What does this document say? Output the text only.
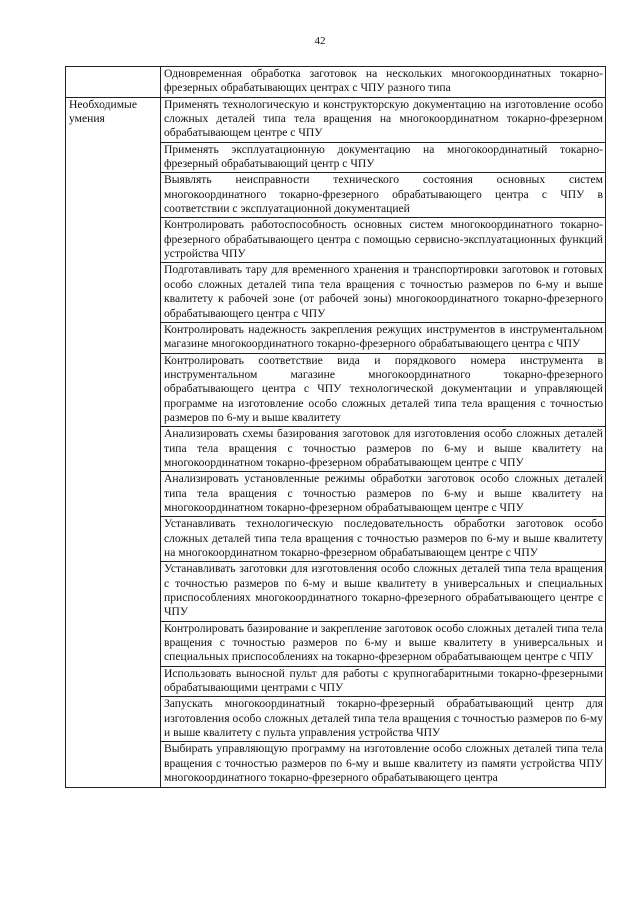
42
	Одновременная обработка заготовок на нескольких многокоординатных токарно-фрезерных обрабатывающих центрах с ЧПУ разного типа
Необходимые умения	Применять технологическую и конструкторскую документацию на изготовление особо сложных деталей типа тела вращения на многокоординатном токарно-фрезерном обрабатывающем центре с ЧПУ
	Применять эксплуатационную документацию на многокоординатный токарно-фрезерный обрабатывающий центр с ЧПУ
	Выявлять неисправности технического состояния основных систем многокоординатного токарно-фрезерного обрабатывающего центра с ЧПУ в соответствии с эксплуатационной документацией
	Контролировать работоспособность основных систем многокоординатного токарно-фрезерного обрабатывающего центра с помощью сервисно-эксплуатационных функций устройства ЧПУ
	Подготавливать тару для временного хранения и транспортировки заготовок и готовых особо сложных деталей типа тела вращения с точностью размеров по 6-му и выше квалитету к рабочей зоне (от рабочей зоны) многокоординатного токарно-фрезерного обрабатывающего центра с ЧПУ
	Контролировать надежность закрепления режущих инструментов в инструментальном магазине многокоординатного токарно-фрезерного обрабатывающего центра с ЧПУ
	Контролировать соответствие вида и порядкового номера инструмента в инструментальном магазине многокоординатного токарно-фрезерного обрабатывающего центра с ЧПУ технологической документации и управляющей программе на изготовление особо сложных деталей типа тела вращения с точностью размеров по 6-му и выше квалитету
	Анализировать схемы базирования заготовок для изготовления особо сложных деталей типа тела вращения с точностью размеров по 6-му и выше квалитету на многокоординатном токарно-фрезерном обрабатывающем центре с ЧПУ
	Анализировать установленные режимы обработки заготовок особо сложных деталей типа тела вращения с точностью размеров по 6-му и выше квалитету на многокоординатном токарно-фрезерном обрабатывающем центре с ЧПУ
	Устанавливать технологическую последовательность обработки заготовок особо сложных деталей типа тела вращения с точностью размеров по 6-му и выше квалитету на многокоординатном токарно-фрезерном обрабатывающем центре с ЧПУ
	Устанавливать заготовки для изготовления особо сложных деталей типа тела вращения с точностью размеров по 6-му и выше квалитету в универсальных и специальных приспособлениях многокоординатного токарно-фрезерного обрабатывающего центре с ЧПУ
	Контролировать базирование и закрепление заготовок особо сложных деталей типа тела вращения с точностью размеров по 6-му и выше квалитету в универсальных и специальных приспособлениях на токарно-фрезерном обрабатывающем центре с ЧПУ
	Использовать выносной пульт для работы с крупногабаритными токарно-фрезерными обрабатывающими центрами с ЧПУ
	Запускать многокоординатный токарно-фрезерный обрабатывающий центр для изготовления особо сложных деталей типа тела вращения с точностью размеров по 6-му и выше квалитету с пульта управления устройства ЧПУ
	Выбирать управляющую программу на изготовление особо сложных деталей типа тела вращения с точностью размеров по 6-му и выше квалитету из памяти устройства ЧПУ многокоординатного токарно-фрезерного обрабатывающего центра
